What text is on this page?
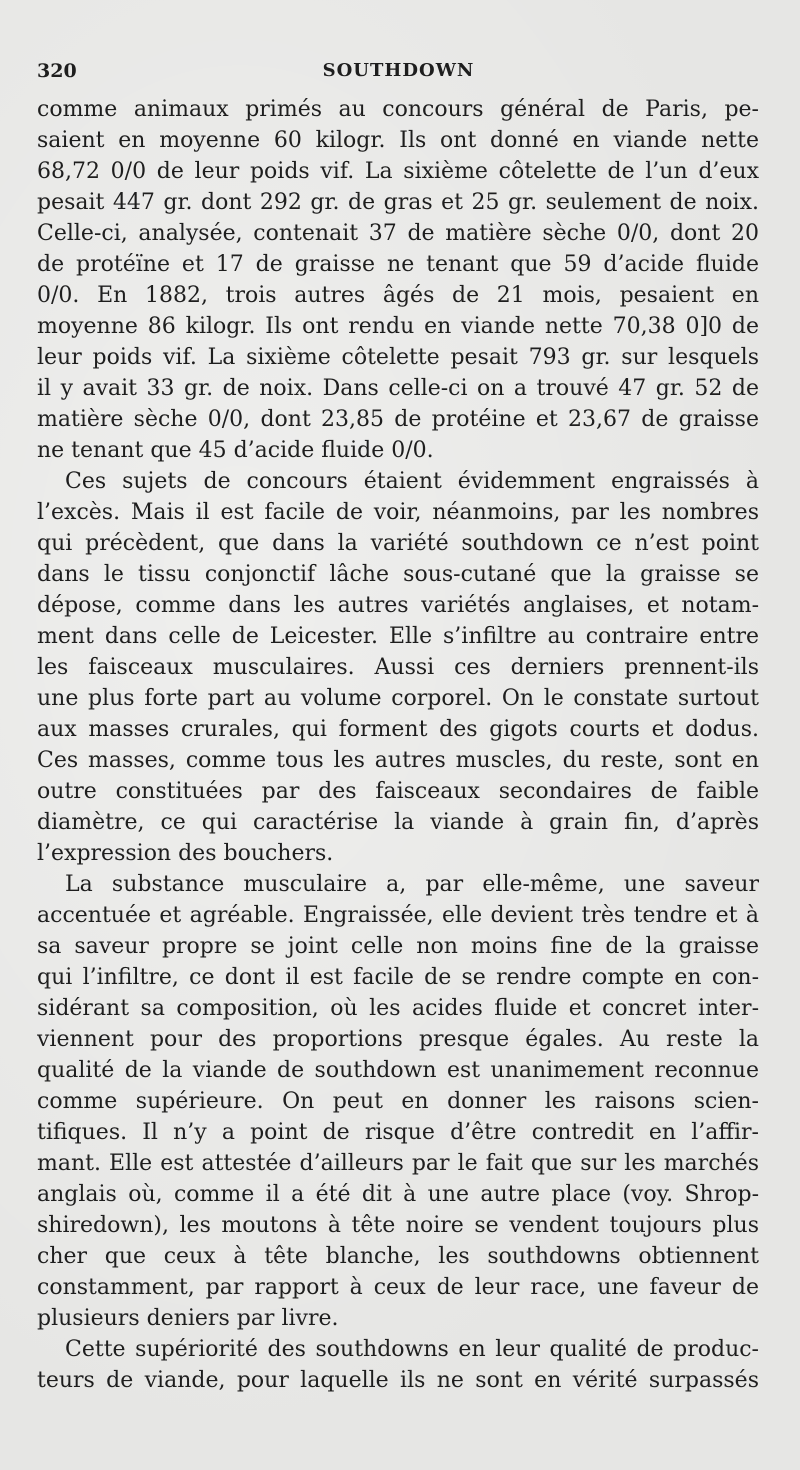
320	SOUTHDOWN
comme animaux primés au concours général de Paris, pe-
saient en moyenne 60 kilogr. Ils ont donné en viande nette
68,72 0/0 de leur poids vif. La sixième côtelette de l’un d’eux
pesait 447 gr. dont 292 gr. de gras et 25 gr. seulement de noix.
Celle-ci, analysée, contenait 37 de matière sèche 0/0, dont 20
de protéïne et 17 de graisse ne tenant que 59 d’acide fluide
0/0. En 1882, trois autres âgés de 21 mois, pesaient en
moyenne 86 kilogr. Ils ont rendu en viande nette 70,38 0]0 de
leur poids vif. La sixième côtelette pesait 793 gr. sur lesquels
il y avait 33 gr. de noix. Dans celle-ci on a trouvé 47 gr. 52 de
matière sèche 0/0, dont 23,85 de protéine et 23,67 de graisse
ne tenant que 45 d’acide fluide 0/0.
Ces sujets de concours étaient évidemment engraissés à
l’excès. Mais il est facile de voir, néanmoins, par les nombres
qui précèdent, que dans la variété southdown ce n’est point
dans le tissu conjonctif lâche sous-cutané que la graisse se
dépose, comme dans les autres variétés anglaises, et notam-
ment dans celle de Leicester. Elle s’infiltre au contraire entre
les faisceaux musculaires. Aussi ces derniers prennent-ils
une plus forte part au volume corporel. On le constate surtout
aux masses crurales, qui forment des gigots courts et dodus.
Ces masses, comme tous les autres muscles, du reste, sont en
outre constituées par des faisceaux secondaires de faible
diamètre, ce qui caractérise la viande à grain fin, d’après
l’expression des bouchers.
La substance musculaire a, par elle-même, une saveur
accentuée et agréable. Engraissée, elle devient très tendre et à
sa saveur propre se joint celle non moins fine de la graisse
qui l’infiltre, ce dont il est facile de se rendre compte en con-
sidérant sa composition, où les acides fluide et concret inter-
viennent pour des proportions presque égales. Au reste la
qualité de la viande de southdown est unanimement reconnue
comme supérieure. On peut en donner les raisons scien-
tifiques. Il n’y a point de risque d’être contredit en l’affir-
mant. Elle est attestée d’ailleurs par le fait que sur les marchés
anglais où, comme il a été dit à une autre place (voy. Shrop-
shiredown), les moutons à tête noire se vendent toujours plus
cher que ceux à tête blanche, les southdowns obtiennent
constamment, par rapport à ceux de leur race, une faveur de
plusieurs deniers par livre.
Cette supériorité des southdowns en leur qualité de produc-
teurs de viande, pour laquelle ils ne sont en vérité surpassés
